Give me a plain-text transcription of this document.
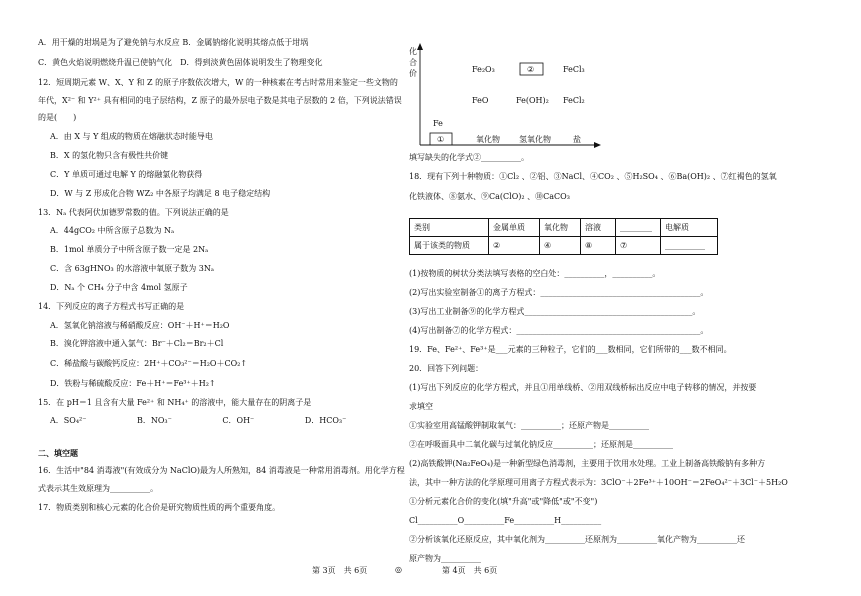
A．用干燥的坩埚是为了避免钠与水反应 B．金属钠熔化说明其熔点低于坩埚
C．黄色火焰说明燃烧升温已使钠气化　D．得到淡黄色固体说明发生了物理变化
12．短周期元素 W、X、Y 和 Z 的原子序数依次增大，W 的一种核素在考古时常用来鉴定一些文物的
年代，X²⁻ 和 Y²⁺ 具有相同的电子层结构，Z 原子的最外层电子数是其电子层数的 2 倍，下列说法错误
的是(　　)
A．由 X 与 Y 组成的物质在熔融状态时能导电
B．X 的氢化物只含有极性共价键
C．Y 单质可通过电解 Y 的熔融氯化物获得
D．W 与 Z 形成化合物 WZ₂ 中各原子均满足 8 电子稳定结构
13．Nₐ 代表阿伏加德罗常数的值。下列说法正确的是
A．44gCO₂ 中所含原子总数为 Nₐ
B．1mol 单质分子中所含原子数一定是 2Nₐ
C．含 63gHNO₃ 的水溶液中氧原子数为 3Nₐ
D．Nₐ 个 CH₄ 分子中含 4mol 氢原子
14．下列反应的离子方程式书写正确的是
A．氢氧化钠溶液与稀硝酸反应：OH⁻＋H⁺＝H₂O
B．溴化钾溶液中通入氯气：Br⁻＋Cl₂＝Br₂＋Cl
C．稀盐酸与碳酸钙反应：2H⁺＋CO₃²⁻＝H₂O＋CO₂↑
D．铁粉与稀硫酸反应：Fe＋H⁺＝Fe³⁺＋H₂↑
15．在 pH＝1 且含有大量 Fe²⁺ 和 NH₄⁺ 的溶液中，能大量存在的阴离子是
A．SO₄²⁻　　　　　　 B．NO₃⁻　　　　　　 C．OH⁻　　　　　　 D．HCO₃⁻
二、填空题
16．生活中"84 消毒液"(有效成分为 NaClO)最为人所熟知，84 消毒液是一种常用消毒剂。用化学方程
式表示其生效原理为__________。
17．物质类别和核心元素的化合价是研究物质性质的两个重要角度。
第 3页　共 6页	◎
填写缺失的化学式②__________。
18．现有下列十种物质：①Cl₂ 、②铝、③NaCl、④CO₂ 、⑤H₂SO₄ 、⑥Ba(OH)₂ 、⑦红褐色的氢氧
化铁液体、⑧氨水、⑨Ca(ClO)₂ 、⑩CaCO₃
(1)按物质的树状分类法填写表格的空白处：__________，__________。
(2)写出实验室制备①的离子方程式：________________________________________。
(3)写出工业制备⑨的化学方程式__________________________________________。
(4)写出制备⑦的化学方程式：______________________________________________。
19．Fe、Fe²⁺、Fe³⁺是___元素的三种粒子，它们的___数相同，它们所带的___数不相同。
20．回答下列问题：
(1)写出下列反应的化学方程式，并且①用单线桥、②用双线桥标出反应中电子转移的情况，并按要
求填空
①实验室用高锰酸钾制取氧气：__________；还原产物是__________
②在呼吸面具中二氧化碳与过氧化钠反应__________；还原剂是__________
(2)高铁酸钾(Na₂FeO₄)是一种新型绿色消毒剂，主要用于饮用水处理。工业上制备高铁酸钠有多种方
法，其中一种方法的化学原理可用离子方程式表示为：3ClO⁻＋2Fe³⁺＋10OH⁻＝2FeO₄²⁻＋3Cl⁻＋5H₂O
①分析元素化合价的变化(填"升高"或"降低"或"不变")
Cl__________O__________Fe__________H__________
②分析该氧化还原反应，其中氧化剂为__________还原剂为__________氧化产物为__________还
原产物为__________
第 4页　共 6页
化
合
价	Fe₂O₃	②	FeCl₃
FeO	Fe(OH)₂ FeCl₂
Fe
①	氧化物 氢氧化物	盐
类别	金属单质	氧化物	溶液	________	电解质
属于该类的物质	②	④	⑧	⑦	__________
